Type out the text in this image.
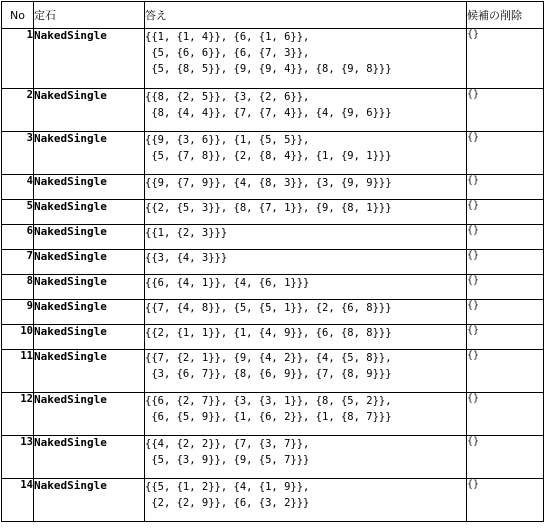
No	定石	答え	候補の削除
1	NakedSingle	{{1, {1, 4}}, {6, {1, 6}},
{5, {6, 6}}, {6, {7, 3}},
{5, {8, 5}}, {9, {9, 4}}, {8, {9, 8}}}	{}
2	NakedSingle	{{8, {2, 5}}, {3, {2, 6}},
{8, {4, 4}}, {7, {7, 4}}, {4, {9, 6}}}	{}
3	NakedSingle	{{9, {3, 6}}, {1, {5, 5}},
{5, {7, 8}}, {2, {8, 4}}, {1, {9, 1}}}	{}
4	NakedSingle	{{9, {7, 9}}, {4, {8, 3}}, {3, {9, 9}}}	{}
5	NakedSingle	{{2, {5, 3}}, {8, {7, 1}}, {9, {8, 1}}}	{}
6	NakedSingle	{{1, {2, 3}}}	{}
7	NakedSingle	{{3, {4, 3}}}	{}
8	NakedSingle	{{6, {4, 1}}, {4, {6, 1}}}	{}
9	NakedSingle	{{7, {4, 8}}, {5, {5, 1}}, {2, {6, 8}}}	{}
10	NakedSingle	{{2, {1, 1}}, {1, {4, 9}}, {6, {8, 8}}}	{}
11	NakedSingle	{{7, {2, 1}}, {9, {4, 2}}, {4, {5, 8}},
{3, {6, 7}}, {8, {6, 9}}, {7, {8, 9}}}	{}
12	NakedSingle	{{6, {2, 7}}, {3, {3, 1}}, {8, {5, 2}},
{6, {5, 9}}, {1, {6, 2}}, {1, {8, 7}}}	{}
13	NakedSingle	{{4, {2, 2}}, {7, {3, 7}},
{5, {3, 9}}, {9, {5, 7}}}	{}
14	NakedSingle	{{5, {1, 2}}, {4, {1, 9}},
{2, {2, 9}}, {6, {3, 2}}}	{}
